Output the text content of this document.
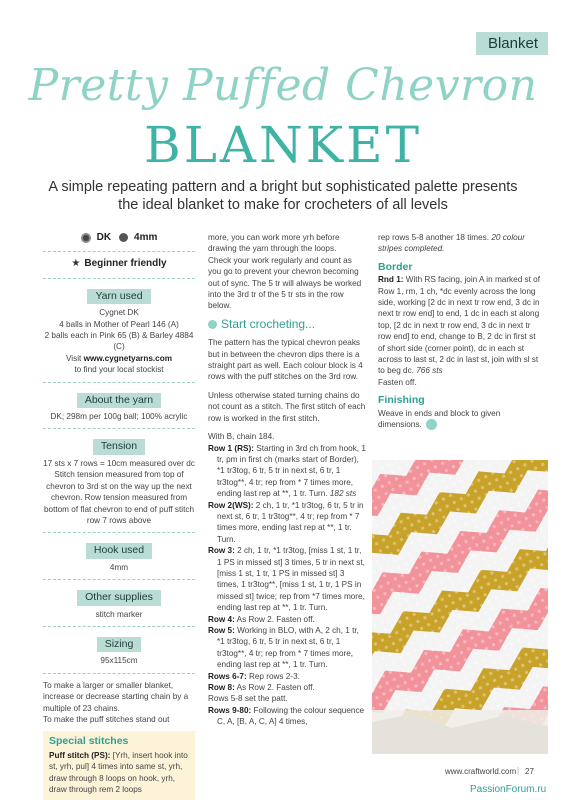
Blanket
Pretty Puffed Chevron
BLANKET
A simple repeating pattern and a bright but sophisticated palette presents the ideal blanket to make for crocheters of all levels
DK 4mm
★ Beginner friendly
Yarn used

Cygnet DK

4 balls in Mother of Pearl 146 (A)

2 balls each in Pink 65 (B) & Barley 4884 (C)

Visit www.cygnetyarns.com

to find your local stockist

About the yarn

DK; 298m per 100g ball; 100% acrylic

Tension

17 sts x 7 rows = 10cm measured over dc Stitch tension measured from top of chevron to 3rd st on the way up the next chevron. Row tension measured from bottom of flat chevron to end of puff stitch row 7 rows above

Hook used

4mm

Other supplies

stitch marker

Sizing

95x115cm

To make a larger or smaller blanket, increase or decrease starting chain by a multiple of 23 chains.

To make the puff stitches stand out

Special stitches

Puff stitch (PS): [Yrh, insert hook into st, yrh, pul] 4 times into same st, yrh, draw through 8 loops on hook, yrh, draw through rem 2 loops

more, you can work more yrh before drawing the yarn through the loops.

Check your work regularly and count as you go to prevent your chevron becoming out of sync. The 5 tr will always be worked into the 3rd tr of the 5 tr sts in the row below.

Start crocheting...

The pattern has the typical chevron peaks but in between the chevron dips there is a straight part as well. Each colour block is 4 rows with the puff stitches on the 3rd row.

Unless otherwise stated turning chains do not count as a stitch. The first stitch of each row is worked in the first stitch.

With B, chain 184.

Row 1 (RS): Starting in 3rd ch from hook, 1 tr, pm in first ch (marks start of Border), *1 tr3tog, 6 tr, 5 tr in next st, 6 tr, 1 tr3tog**, 4 tr; rep from * 7 times more, ending last rep at **, 1 tr. Turn. 182 sts

Row 2(WS): 2 ch, 1 tr, *1 tr3tog, 6 tr, 5 tr in next st, 6 tr, 1 tr3tog**, 4 tr; rep from * 7 times more, ending last rep at **, 1 tr. Turn.

Row 3: 2 ch, 1 tr, *1 tr3tog, [miss 1 st, 1 tr, 1 PS in missed st] 3 times, 5 tr in next st, [miss 1 st, 1 tr, 1 PS in missed st] 3 times, 1 tr3tog**, [miss 1 st, 1 tr, 1 PS in missed st] twice; rep from *7 times more, ending last rep at **, 1 tr. Turn.

Row 4: As Row 2. Fasten off.

Row 5: Working in BLO, with A, 2 ch, 1 tr, *1 tr3tog, 6 tr, 5 tr in next st, 6 tr, 1 tr3tog**, 4 tr; rep from * 7 times more, ending last rep at **, 1 tr. Turn.

Rows 6-7: Rep rows 2-3.

Row 8: As Row 2. Fasten off.

Rows 5-8 set the patt.

Rows 9-80: Following the colour sequence C, A, [B, A, C, A] 4 times,

rep rows 5-8 another 18 times. 20 colour stripes completed.

Border

Rnd 1: With RS facing, join A in marked st of Row 1, rm, 1 ch, *dc evenly across the long side, working [2 dc in next tr row end, 3 dc in next tr row end] to end, 1 dc in each st along top, [2 dc in next tr row end, 3 dc in next tr row end] to end, change to B, 2 dc in first st of short side (corner point), dc in each st across to last st, 2 dc in last st, join with sl st to beg dc. 766 sts

Fasten off.

Finishing

Weave in ends and block to given dimensions.

www.craftworld.com | 27
PassionForum.ru
